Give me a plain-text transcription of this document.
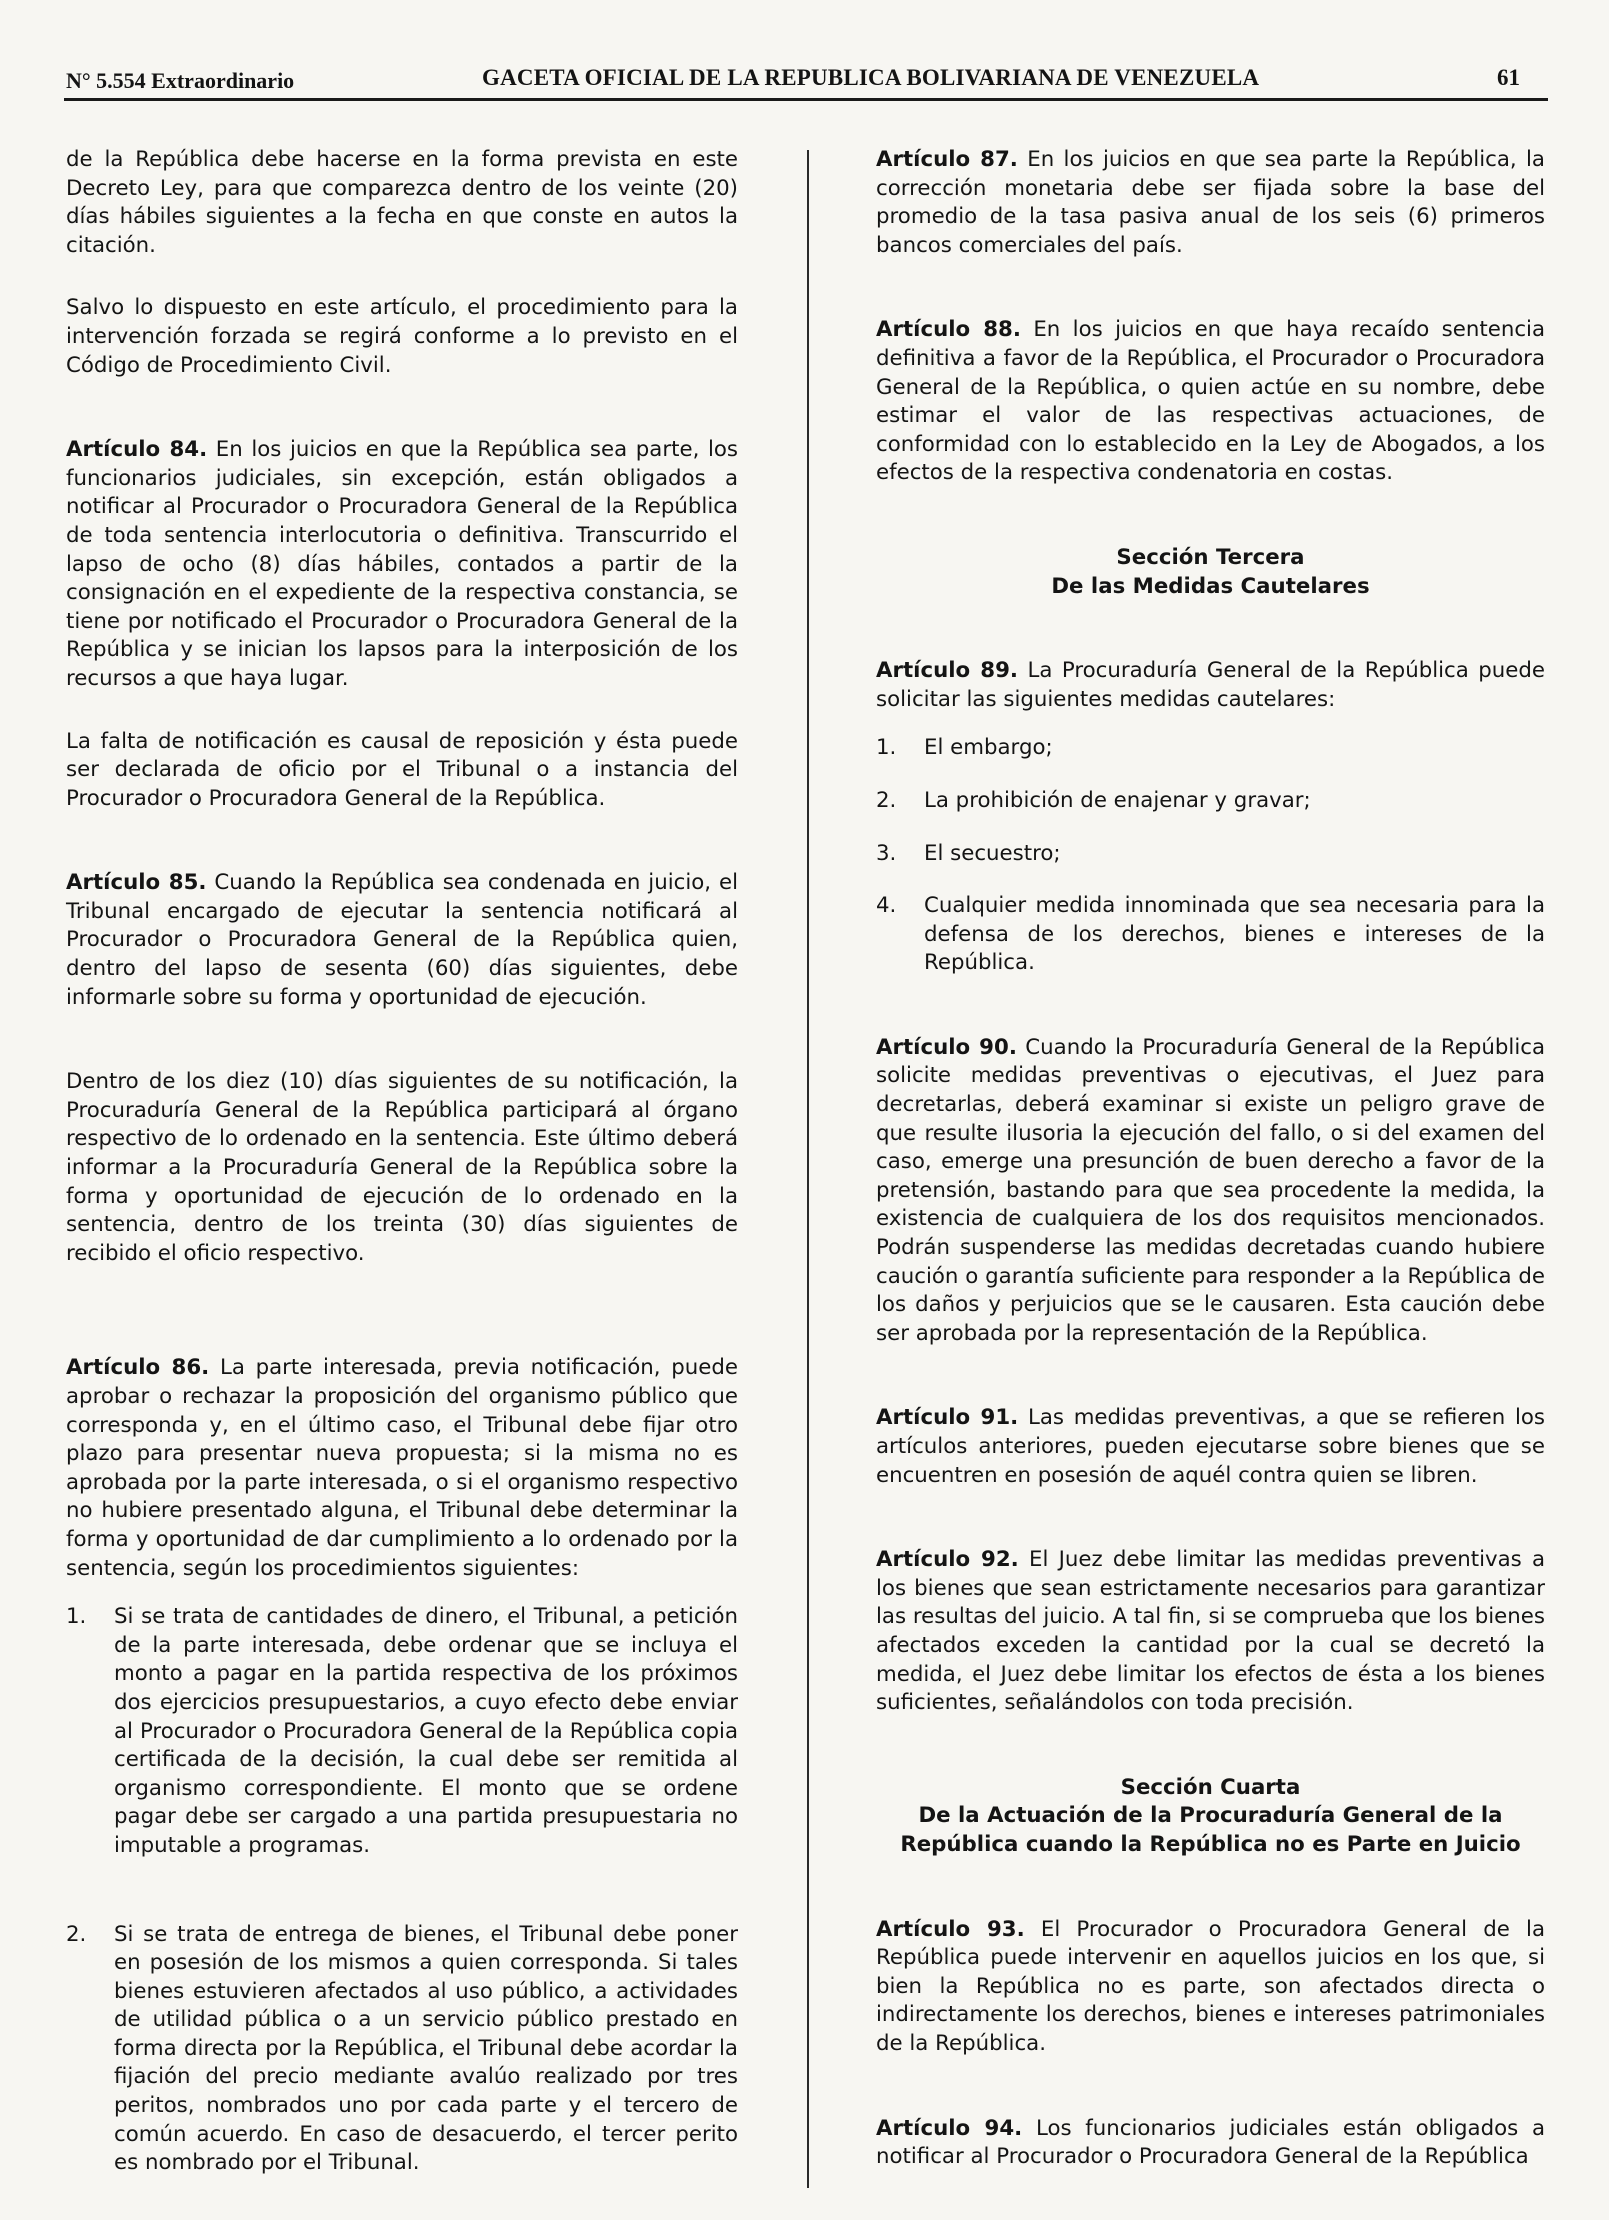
N° 5.554 Extraordinario	GACETA OFICIAL DE LA REPUBLICA BOLIVARIANA DE VENEZUELA	61

de la República debe hacerse en la forma prevista en este Decreto Ley, para que comparezca dentro de los veinte (20) días hábiles siguientes a la fecha en que conste en autos la citación.

Salvo lo dispuesto en este artículo, el procedimiento para la intervención forzada se regirá conforme a lo previsto en el Código de Procedimiento Civil.

Artículo 84. En los juicios en que la República sea parte, los funcionarios judiciales, sin excepción, están obligados a notificar al Procurador o Procuradora General de la República de toda sentencia interlocutoria o definitiva. Transcurrido el lapso de ocho (8) días hábiles, contados a partir de la consignación en el expediente de la respectiva constancia, se tiene por notificado el Procurador o Procuradora General de la República y se inician los lapsos para la interposición de los recursos a que haya lugar.

La falta de notificación es causal de reposición y ésta puede ser declarada de oficio por el Tribunal o a instancia del Procurador o Procuradora General de la República.

Artículo 85. Cuando la República sea condenada en juicio, el Tribunal encargado de ejecutar la sentencia notificará al Procurador o Procuradora General de la República quien, dentro del lapso de sesenta (60) días siguientes, debe informarle sobre su forma y oportunidad de ejecución.

Dentro de los diez (10) días siguientes de su notificación, la Procuraduría General de la República participará al órgano respectivo de lo ordenado en la sentencia. Este último deberá informar a la Procuraduría General de la República sobre la forma y oportunidad de ejecución de lo ordenado en la sentencia, dentro de los treinta (30) días siguientes de recibido el oficio respectivo.

Artículo 86. La parte interesada, previa notificación, puede aprobar o rechazar la proposición del organismo público que corresponda y, en el último caso, el Tribunal debe fijar otro plazo para presentar nueva propuesta; si la misma no es aprobada por la parte interesada, o si el organismo respectivo no hubiere presentado alguna, el Tribunal debe determinar la forma y oportunidad de dar cumplimiento a lo ordenado por la sentencia, según los procedimientos siguientes:

1.	Si se trata de cantidades de dinero, el Tribunal, a petición de la parte interesada, debe ordenar que se incluya el monto a pagar en la partida respectiva de los próximos dos ejercicios presupuestarios, a cuyo efecto debe enviar al Procurador o Procuradora General de la República copia certificada de la decisión, la cual debe ser remitida al organismo correspondiente. El monto que se ordene pagar debe ser cargado a una partida presupuestaria no imputable a programas.
2.	Si se trata de entrega de bienes, el Tribunal debe poner en posesión de los mismos a quien corresponda. Si tales bienes estuvieren afectados al uso público, a actividades de utilidad pública o a un servicio público prestado en forma directa por la República, el Tribunal debe acordar la fijación del precio mediante avalúo realizado por tres peritos, nombrados uno por cada parte y el tercero de común acuerdo. En caso de desacuerdo, el tercer perito es nombrado por el Tribunal.

Artículo 87. En los juicios en que sea parte la República, la corrección monetaria debe ser fijada sobre la base del promedio de la tasa pasiva anual de los seis (6) primeros bancos comerciales del país.

Artículo 88. En los juicios en que haya recaído sentencia definitiva a favor de la República, el Procurador o Procuradora General de la República, o quien actúe en su nombre, debe estimar el valor de las respectivas actuaciones, de conformidad con lo establecido en la Ley de Abogados, a los efectos de la respectiva condenatoria en costas.

Sección Tercera

De las Medidas Cautelares

Artículo 89. La Procuraduría General de la República puede solicitar las siguientes medidas cautelares:

1.	El embargo;
2.	La prohibición de enajenar y gravar;
3.	El secuestro;
4.	Cualquier medida innominada que sea necesaria para la defensa de los derechos, bienes e intereses de la República.

Artículo 90. Cuando la Procuraduría General de la República solicite medidas preventivas o ejecutivas, el Juez para decretarlas, deberá examinar si existe un peligro grave de que resulte ilusoria la ejecución del fallo, o si del examen del caso, emerge una presunción de buen derecho a favor de la pretensión, bastando para que sea procedente la medida, la existencia de cualquiera de los dos requisitos mencionados. Podrán suspenderse las medidas decretadas cuando hubiere caución o garantía suficiente para responder a la República de los daños y perjuicios que se le causaren. Esta caución debe ser aprobada por la representación de la República.

Artículo 91. Las medidas preventivas, a que se refieren los artículos anteriores, pueden ejecutarse sobre bienes que se encuentren en posesión de aquél contra quien se libren.

Artículo 92. El Juez debe limitar las medidas preventivas a los bienes que sean estrictamente necesarios para garantizar las resultas del juicio. A tal fin, si se comprueba que los bienes afectados exceden la cantidad por la cual se decretó la medida, el Juez debe limitar los efectos de ésta a los bienes suficientes, señalándolos con toda precisión.

Sección Cuarta

De la Actuación de la Procuraduría General de la República cuando la República no es Parte en Juicio

Artículo 93. El Procurador o Procuradora General de la República puede intervenir en aquellos juicios en los que, si bien la República no es parte, son afectados directa o indirectamente los derechos, bienes e intereses patrimoniales de la República.

Artículo 94. Los funcionarios judiciales están obligados a notificar al Procurador o Procuradora General de la República
